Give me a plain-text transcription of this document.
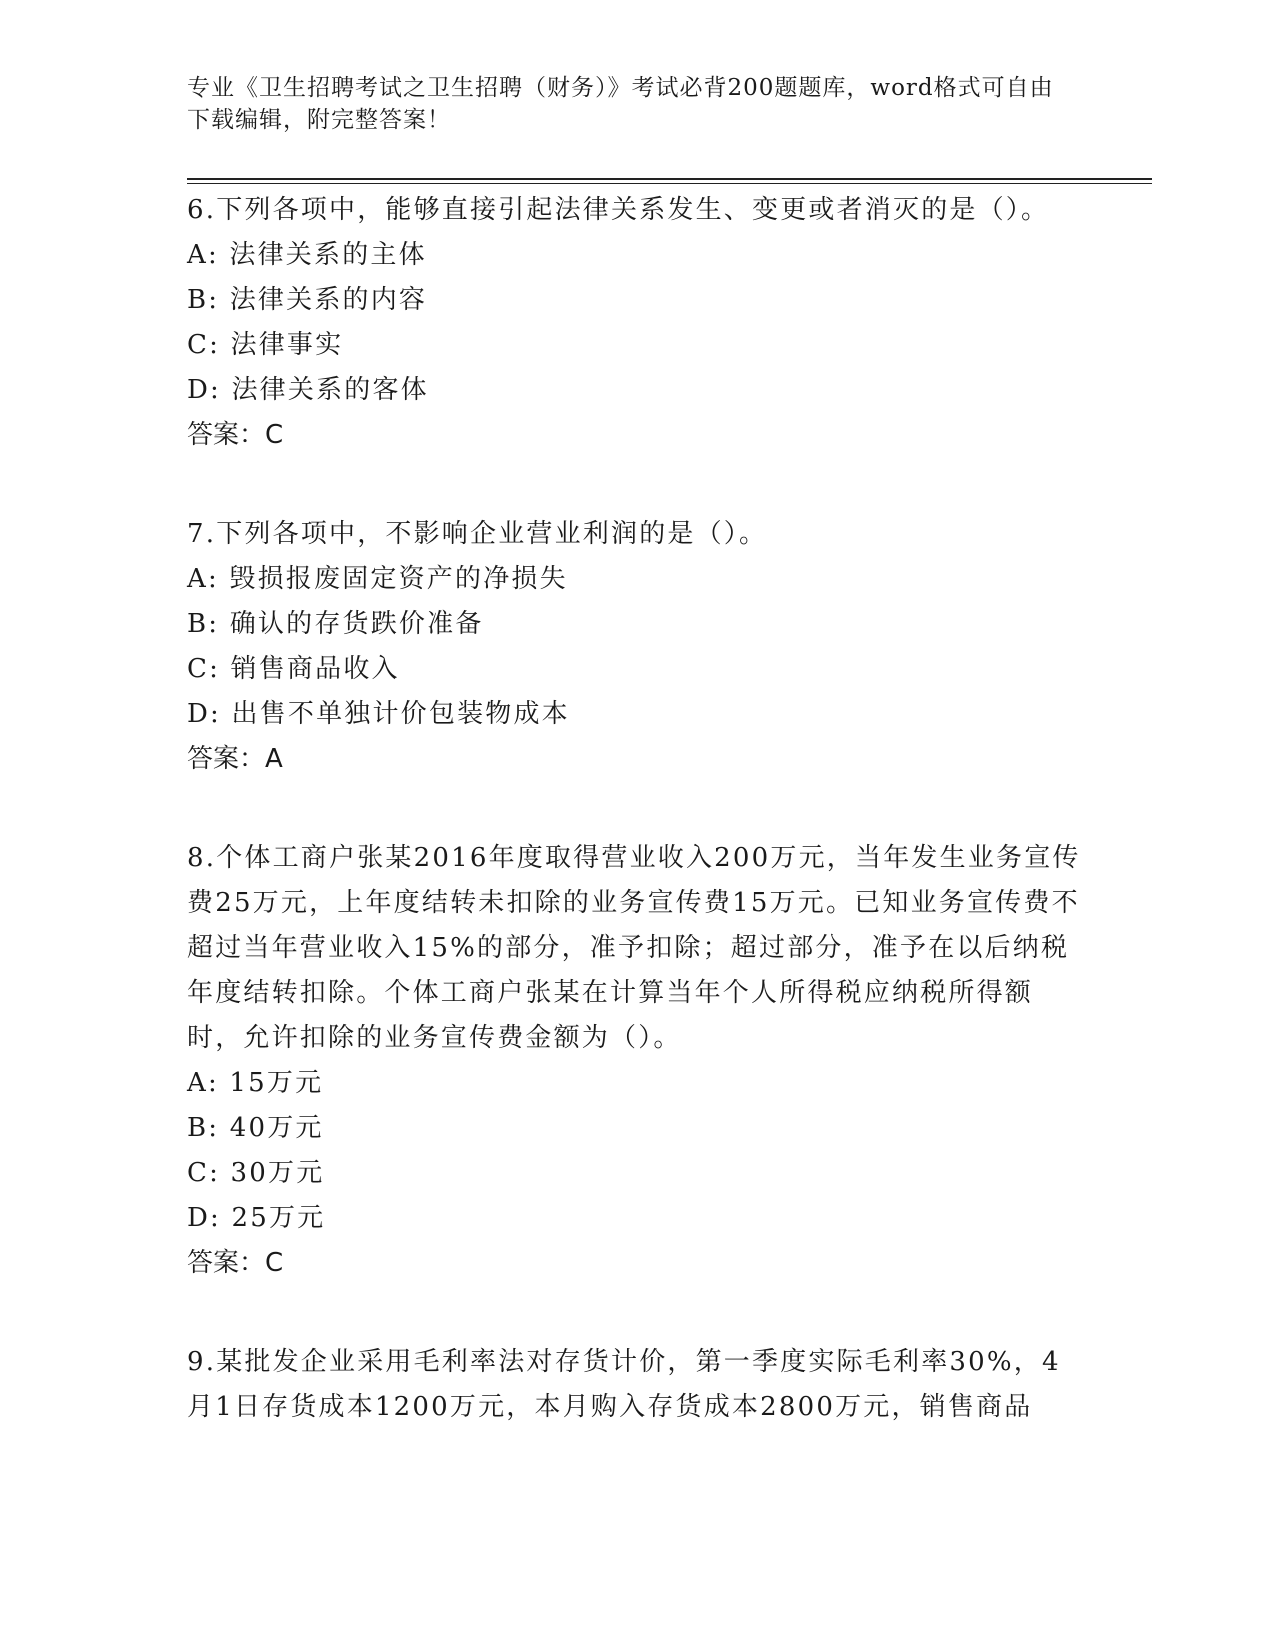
专业《卫生招聘考试之卫生招聘（财务）》考试必背200题题库，word格式可自由下载编辑，附完整答案！

6.下列各项中，能够直接引起法律关系发生、变更或者消灭的是（）。

A: 法律关系的主体

B: 法律关系的内容

C: 法律事实

D: 法律关系的客体

答案：C

7.下列各项中，不影响企业营业利润的是（）。

A: 毁损报废固定资产的净损失

B: 确认的存货跌价准备

C: 销售商品收入

D: 出售不单独计价包装物成本

答案：A

8.个体工商户张某2016年度取得营业收入200万元，当年发生业务宣传费25万元，上年度结转未扣除的业务宣传费15万元。已知业务宣传费不超过当年营业收入15%的部分，准予扣除；超过部分，准予在以后纳税年度结转扣除。个体工商户张某在计算当年个人所得税应纳税所得额时，允许扣除的业务宣传费金额为（）。

A: 15万元

B: 40万元

C: 30万元

D: 25万元

答案：C

9.某批发企业采用毛利率法对存货计价，第一季度实际毛利率30%，4月1日存货成本1200万元，本月购入存货成本2800万元，销售商品
